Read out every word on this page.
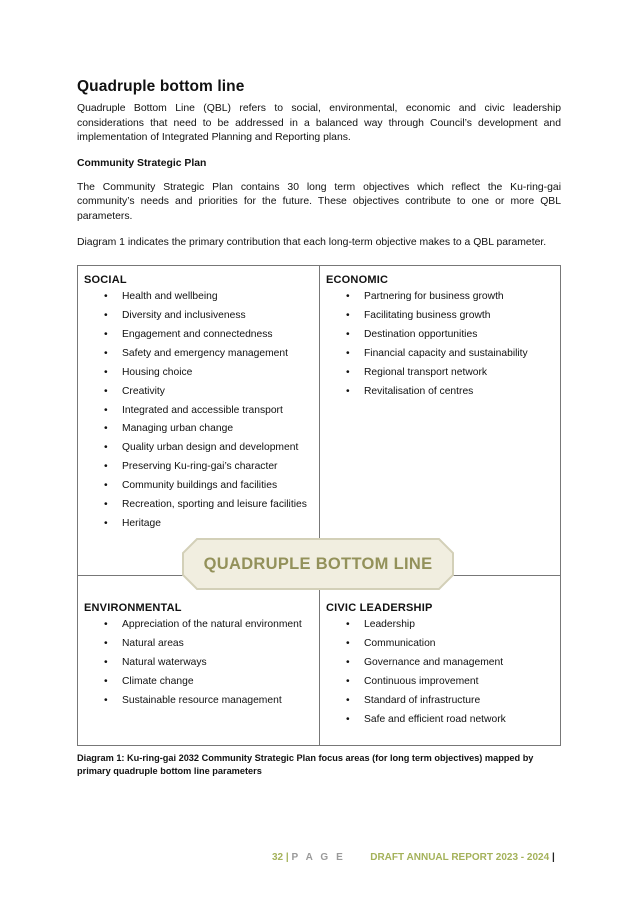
Quadruple bottom line

Quadruple Bottom Line (QBL) refers to social, environmental, economic and civic leadership considerations that need to be addressed in a balanced way through Council’s development and implementation of Integrated Planning and Reporting plans.

Community Strategic Plan

The Community Strategic Plan contains 30 long term objectives which reflect the Ku-ring-gai community’s needs and priorities for the future. These objectives contribute to one or more QBL parameters.

Diagram 1 indicates the primary contribution that each long-term objective makes to a QBL parameter.

SOCIAL
• Health and wellbeing
• Diversity and inclusiveness
• Engagement and connectedness
• Safety and emergency management
• Housing choice
• Creativity
• Integrated and accessible transport
• Managing urban change
• Quality urban design and development
• Preserving Ku-ring-gai’s character
• Community buildings and facilities
• Recreation, sporting and leisure facilities
• Heritage
ECONOMIC
• Partnering for business growth
• Facilitating business growth
• Destination opportunities
• Financial capacity and sustainability
• Regional transport network
• Revitalisation of centres
ENVIRONMENTAL
• Appreciation of the natural environment
• Natural areas
• Natural waterways
• Climate change
• Sustainable resource management
CIVIC LEADERSHIP
• Leadership
• Communication
• Governance and management
• Continuous improvement
• Standard of infrastructure
• Safe and efficient road network
QUADRUPLE BOTTOM LINE
Diagram 1: Ku-ring-gai 2032 Community Strategic Plan focus areas (for long term objectives) mapped by primary quadruple bottom line parameters
32 | P A G E DRAFT ANNUAL REPORT 2023 - 2024 |
